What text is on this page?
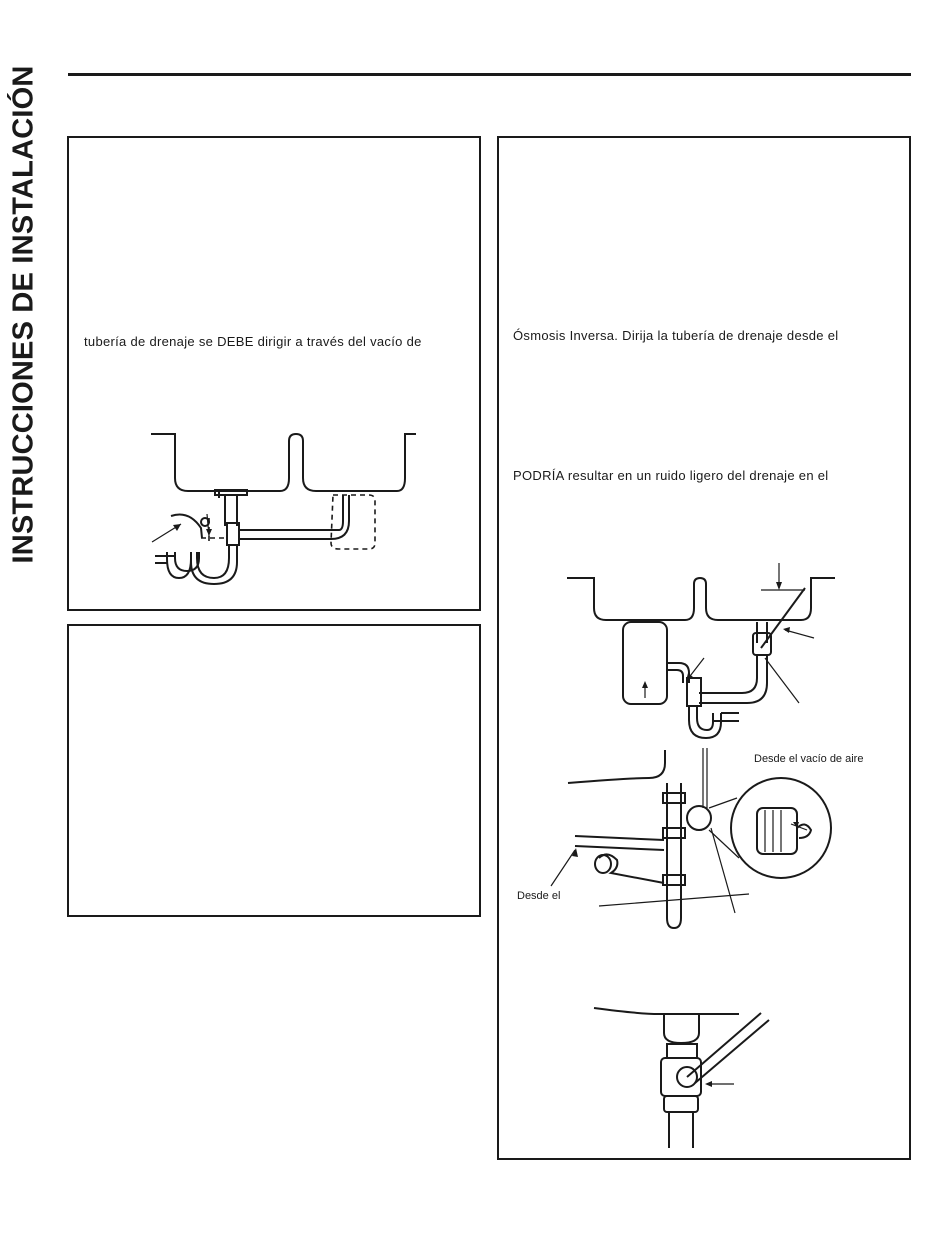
INSTRUCCIONES DE INSTALACIÓN	tubería de drenaje se DEBE dirigir a través del vacío de	Ósmosis Inversa. Dirija la tubería de drenaje desde el
PODRÍA resultar en un ruido ligero del drenaje en el
Desde el vacío de aire
Desde el
